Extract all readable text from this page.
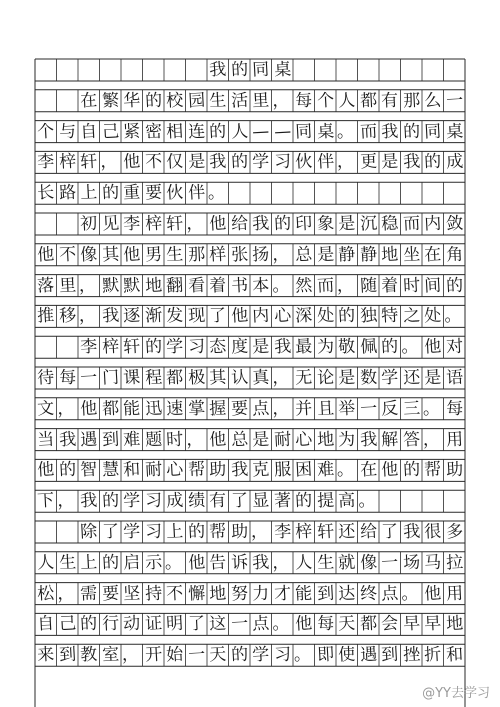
我 的 同 桌
在 繁 华 的 校 园 生 活 里 ， 每 个 人 都 有 那 么 一
个 与 自 己 紧 密 相 连 的 人 — — 同 桌 。 而 我 的 同 桌
李 梓 轩 ， 他 不 仅 是 我 的 学 习 伙 伴 ， 更 是 我 的 成
长 路 上 的 重 要 伙 伴 。
初 见 李 梓 轩 ， 他 给 我 的 印 象 是 沉 稳 而 内 敛
他 不 像 其 他 男 生 那 样 张 扬 ， 总 是 静 静 地 坐 在 角
落 里 ， 默 默 地 翻 看 着 书 本 。 然 而 ， 随 着 时 间 的
推 移 ， 我 逐 渐 发 现 了 他 内 心 深 处 的 独 特 之 处 。
李 梓 轩 的 学 习 态 度 是 我 最 为 敬 佩 的 。 他 对
待 每 一 门 课 程 都 极 其 认 真 ， 无 论 是 数 学 还 是 语
文 ， 他 都 能 迅 速 掌 握 要 点 ， 并 且 举 一 反 三 。 每
当 我 遇 到 难 题 时 ， 他 总 是 耐 心 地 为 我 解 答 ， 用
他 的 智 慧 和 耐 心 帮 助 我 克 服 困 难 。 在 他 的 帮 助
下 ， 我 的 学 习 成 绩 有 了 显 著 的 提 高 。
除 了 学 习 上 的 帮 助 ， 李 梓 轩 还 给 了 我 很 多
人 生 上 的 启 示 。 他 告 诉 我 ， 人 生 就 像 一 场 马 拉
松 ， 需 要 坚 持 不 懈 地 努 力 才 能 到 达 终 点 。 他 用
自 己 的 行 动 证 明 了 这 一 点 。 他 每 天 都 会 早 早 地
来 到 教 室 ， 开 始 一 天 的 学 习 。 即 使 遇 到 挫 折 和
@YY去学习
